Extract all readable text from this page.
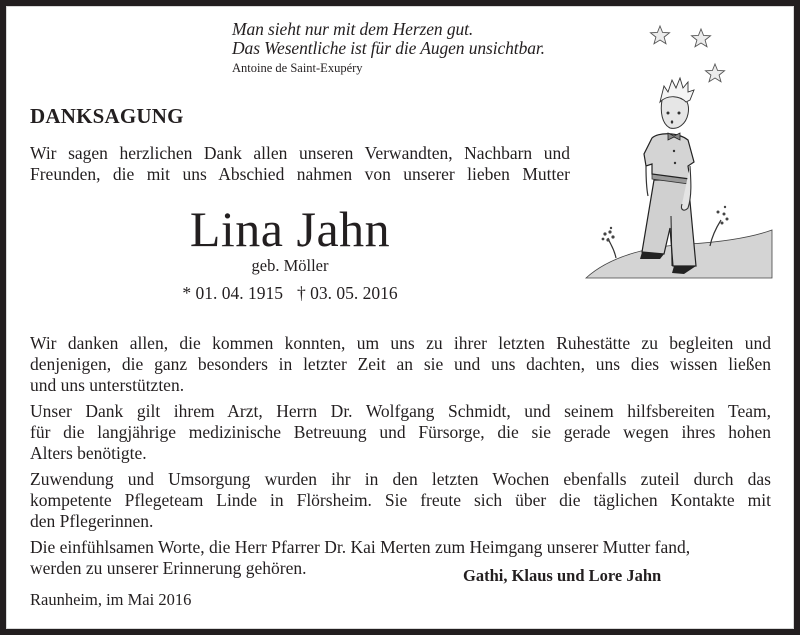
Man sieht nur mit dem Herzen gut.
Das Wesentliche ist für die Augen unsichtbar.
Antoine de Saint-Exupéry
DANKSAGUNG
Wir sagen herzlichen Dank allen unseren Verwandten, Nachbarn und
Freunden, die mit uns Abschied nahmen von unserer lieben Mutter
Lina Jahn
geb. Möller
* 01. 04. 1915 † 03. 05. 2016
Wir danken allen, die kommen konnten, um uns zu ihrer letzten Ruhestätte zu begleiten und
denjenigen, die ganz besonders in letzter Zeit an sie und uns dachten, uns dies wissen ließen
und uns unterstützten.
Unser Dank gilt ihrem Arzt, Herrn Dr. Wolfgang Schmidt, und seinem hilfsbereiten Team,
für die langjährige medizinische Betreuung und Fürsorge, die sie gerade wegen ihres hohen
Alters benötigte.
Zuwendung und Umsorgung wurden ihr in den letzten Wochen ebenfalls zuteil durch das
kompetente Pflegeteam Linde in Flörsheim. Sie freute sich über die täglichen Kontakte mit
den Pflegerinnen.
Die einfühlsamen Worte, die Herr Pfarrer Dr. Kai Merten zum Heimgang unserer Mutter fand,
werden zu unserer Erinnerung gehören.	Gathi, Klaus und Lore Jahn
Raunheim, im Mai 2016
